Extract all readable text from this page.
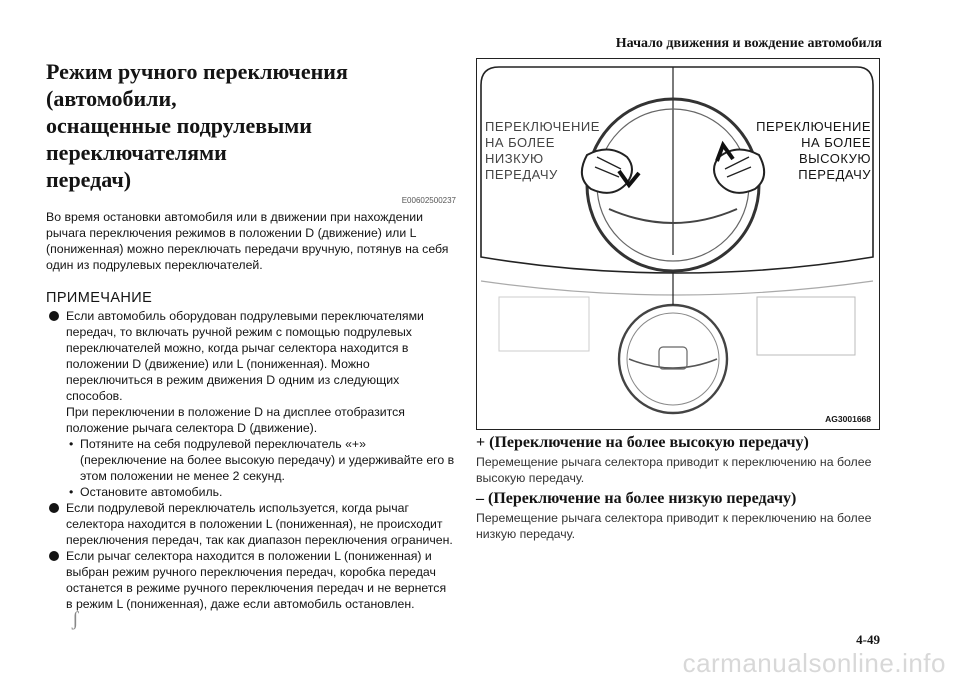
Начало движения и вождение автомобиля
Режим ручного переключения (автомобили,
оснащенные подрулевыми переключателями
передач)
E00602500237

Во время остановки автомобиля или в движении при нахождении рычага переключения режимов в положении D (движение) или L (пониженная) можно переключать передачи вручную, потянув на себя один из подрулевых переключателей.

ПРИМЕЧАНИЕ
Если автомобиль оборудован подрулевыми переключателями передач, то включать ручной режим с помощью подрулевых переключателей можно, когда рычаг селектора находится в положении D (движение) или L (пониженная). Можно переключиться в режим движения D одним из следующих способов.
При переключении в положение D на дисплее отобразится положение рычага селектора D (движение).
• Потяните на себя подрулевой переключатель «+» (переключение на более высокую передачу) и удерживайте его в этом положении не менее 2 секунд.
• Остановите автомобиль.
Если подрулевой переключатель используется, когда рычаг селектора находится в положении L (пониженная), не происходит переключения передач, так как диапазон переключения ограничен.
Если рычаг селектора находится в положении L (пониженная) и выбран режим ручного переключения передач, коробка передач останется в режиме ручного переключения передач и не вернется в режим L (пониженная), даже если автомобиль остановлен.
ПЕРЕКЛЮЧЕНИЕ
НА БОЛЕЕ
НИЗКУЮ
ПЕРЕДАЧУ
ПЕРЕКЛЮЧЕНИЕ
НА БОЛЕЕ
ВЫСОКУЮ
ПЕРЕДАЧУ
AG3001668
+ (Переключение на более высокую передачу)

Перемещение рычага селектора приводит к переключению на более высокую передачу.

– (Переключение на более низкую передачу)

Перемещение рычага селектора приводит к переключению на более низкую передачу.

ʃ
4-49
carmanualsonline.info
